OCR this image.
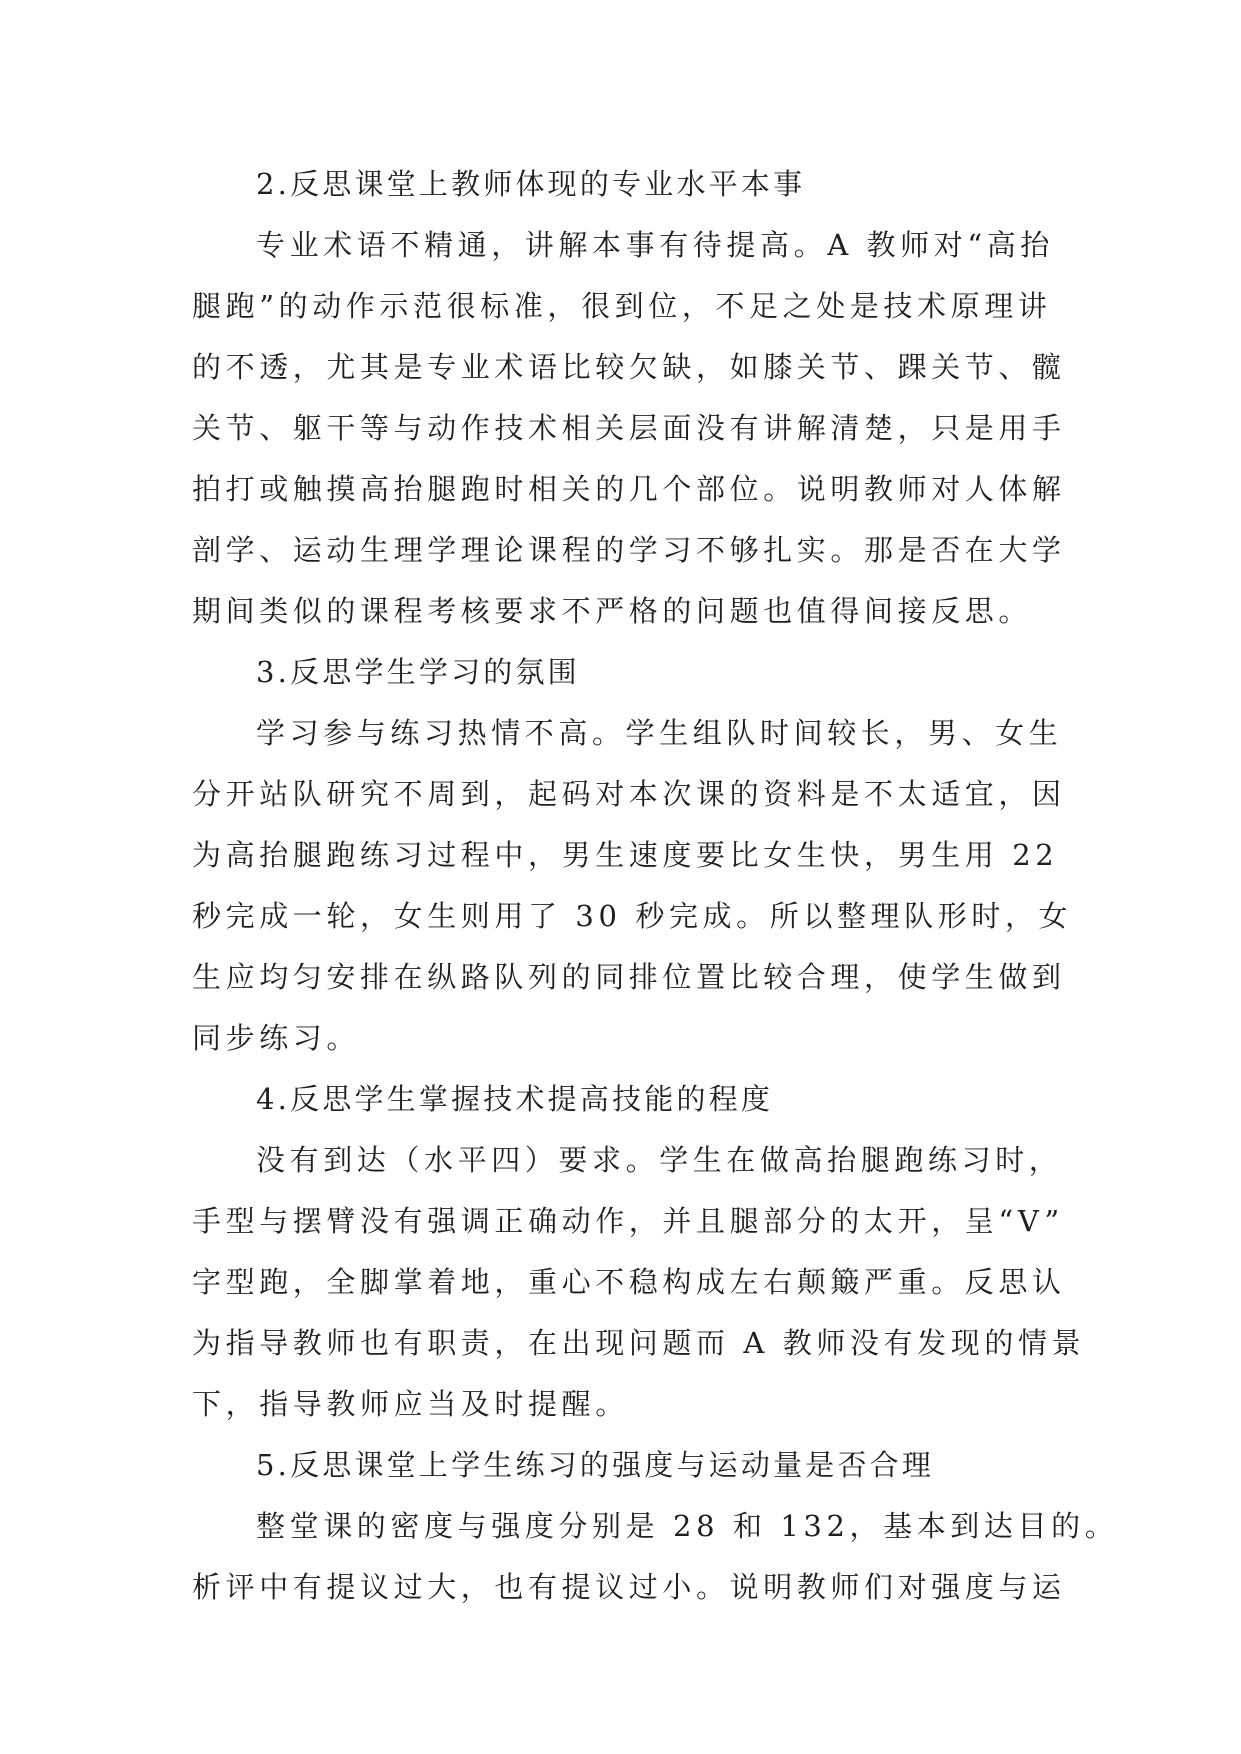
2.反思课堂上教师体现的专业水平本事
专业术语不精通，讲解本事有待提高。A 教师对“高抬
腿跑”的动作示范很标准，很到位，不足之处是技术原理讲
的不透，尤其是专业术语比较欠缺，如膝关节、踝关节、髋
关节、躯干等与动作技术相关层面没有讲解清楚，只是用手
拍打或触摸高抬腿跑时相关的几个部位。说明教师对人体解
剖学、运动生理学理论课程的学习不够扎实。那是否在大学
期间类似的课程考核要求不严格的问题也值得间接反思。
3.反思学生学习的氛围
学习参与练习热情不高。学生组队时间较长，男、女生
分开站队研究不周到，起码对本次课的资料是不太适宜，因
为高抬腿跑练习过程中，男生速度要比女生快，男生用 22
秒完成一轮，女生则用了 30 秒完成。所以整理队形时，女
生应均匀安排在纵路队列的同排位置比较合理，使学生做到
同步练习。
4.反思学生掌握技术提高技能的程度
没有到达（水平四）要求。学生在做高抬腿跑练习时，
手型与摆臂没有强调正确动作，并且腿部分的太开，呈“V”
字型跑，全脚掌着地，重心不稳构成左右颠簸严重。反思认
为指导教师也有职责，在出现问题而 A 教师没有发现的情景
下，指导教师应当及时提醒。
5.反思课堂上学生练习的强度与运动量是否合理
整堂课的密度与强度分别是 28 和 132，基本到达目的。
析评中有提议过大，也有提议过小。说明教师们对强度与运
